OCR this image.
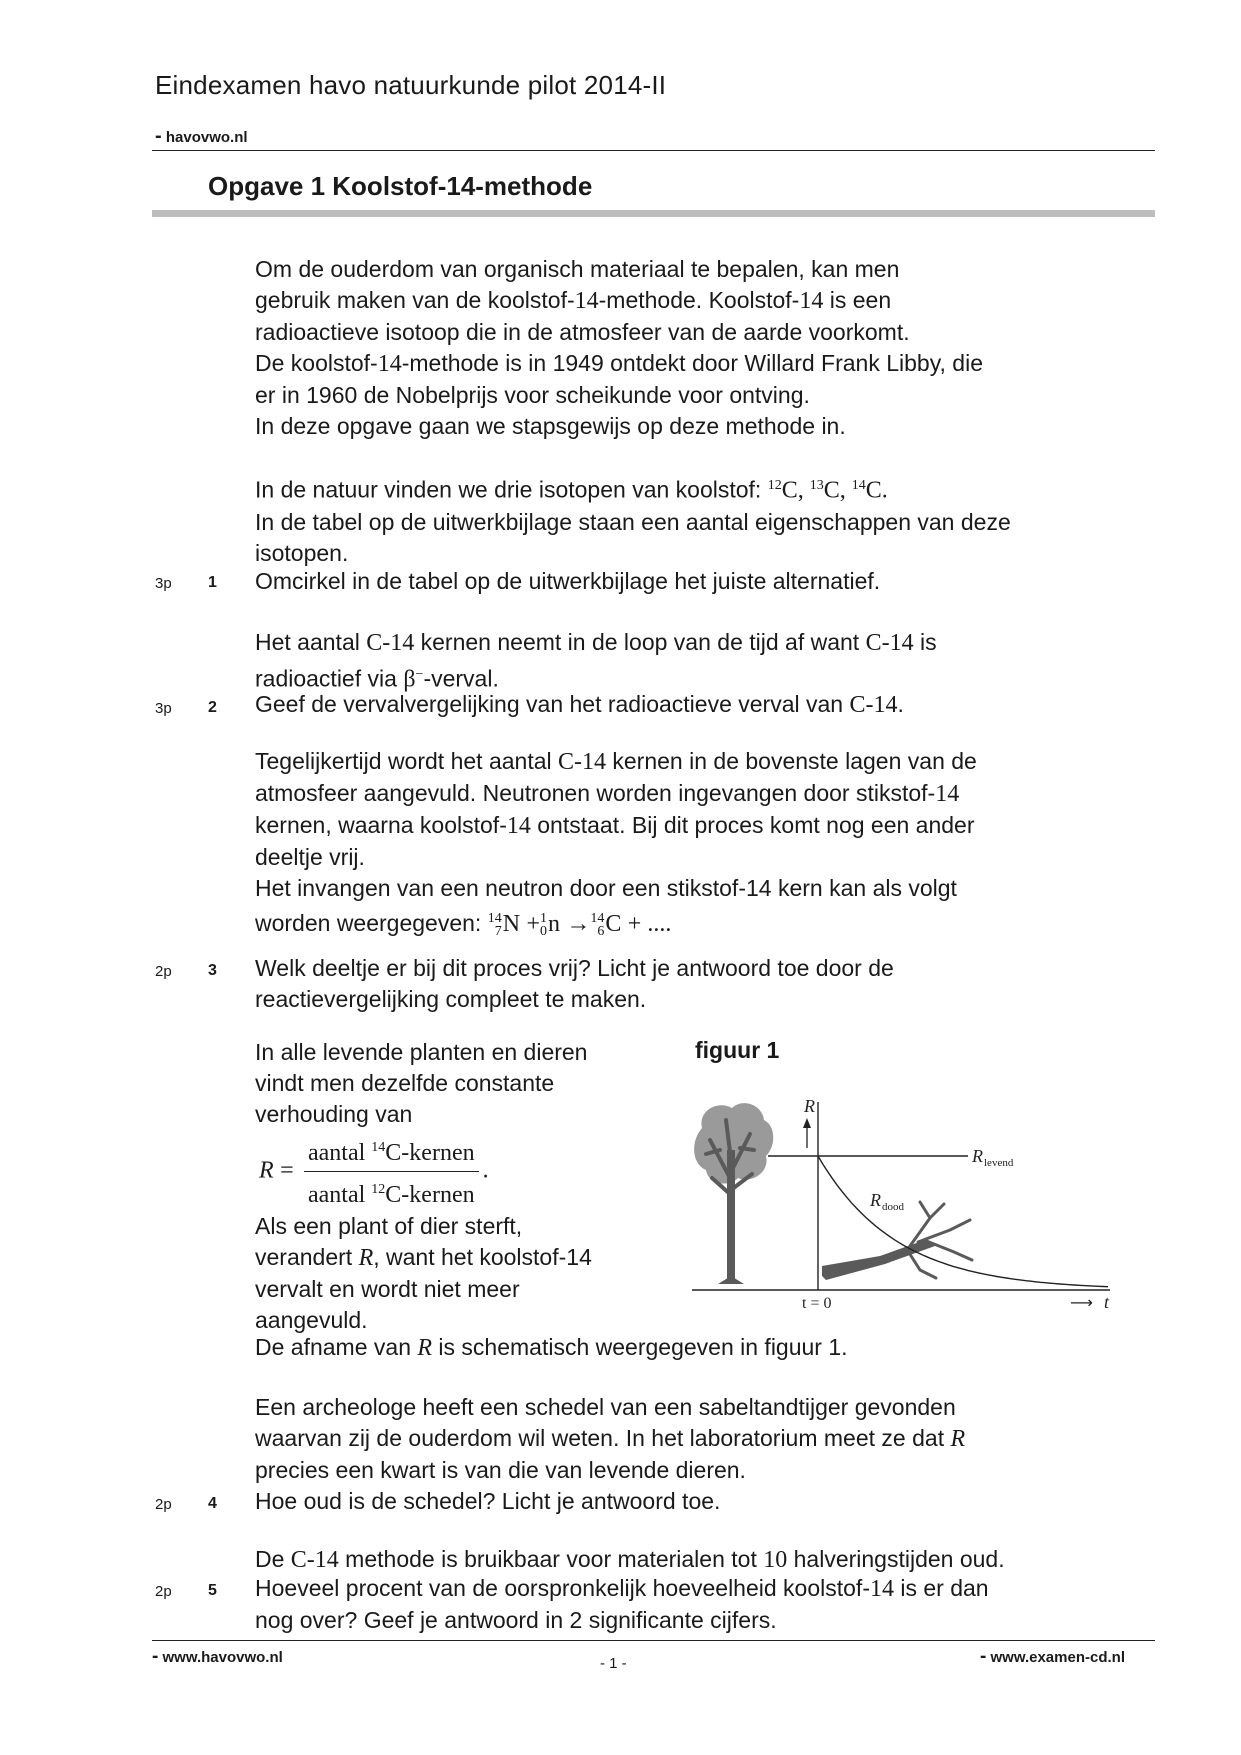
Eindexamen havo natuurkunde pilot 2014-II
- havovwo.nl
Opgave 1 Koolstof-14-methode

Om de ouderdom van organisch materiaal te bepalen, kan men

gebruik maken van de koolstof-14-methode. Koolstof-14 is een

radioactieve isotoop die in de atmosfeer van de aarde voorkomt.

De koolstof-14-methode is in 1949 ontdekt door Willard Frank Libby, die

er in 1960 de Nobelprijs voor scheikunde voor ontving.

In deze opgave gaan we stapsgewijs op deze methode in.

In de natuur vinden we drie isotopen van koolstof: $^{12}$C, $^{13}$C, $^{14}$C.

In de tabel op de uitwerkbijlage staan een aantal eigenschappen van deze

isotopen.

3p 1 Omcirkel in de tabel op de uitwerkbijlage het juiste alternatief.

Het aantal C-14 kernen neemt in de loop van de tijd af want C-14 is

radioactief via β−-verval.

3p 2 Geef de vervalvergelijking van het radioactieve verval van C-14.

Tegelijkertijd wordt het aantal C-14 kernen in de bovenste lagen van de

atmosfeer aangevuld. Neutronen worden ingevangen door stikstof-14

kernen, waarna koolstof-14 ontstaat. Bij dit proces komt nog een ander

deeltje vrij.

Het invangen van een neutron door een stikstof-14 kern kan als volgt

worden weergegeven: 14
7N +1
0n →14
6C + ....

2p 3 Welk deeltje er bij dit proces vrij? Licht je antwoord toe door de

reactievergelijking compleet te maken.

In alle levende planten en dieren

vindt men dezelfde constante

verhouding van

$R = \frac{aantal ^{14}C-kernen}{aantal ^{12}C-kernen}$ .

Als een plant of dier sterft,

verandert R, want het koolstof-14

vervalt en wordt niet meer

aangevuld.

De afname van R is schematisch weergegeven in figuur 1.
figuur 1
R
R levend
R dood
t = 0	⟶ t

Een archeologe heeft een schedel van een sabeltandtijger gevonden

waarvan zij de ouderdom wil weten. In het laboratorium meet ze dat R

precies een kwart is van die van levende dieren.

2p 4 Hoe oud is de schedel? Licht je antwoord toe.
De C-14 methode is bruikbaar voor materialen tot 10 halveringstijden oud.
2p 5 Hoeveel procent van de oorspronkelijk hoeveelheid koolstof-14 is er dan

nog over? Geef je antwoord in 2 significante cijfers.

- www.havovwo.nl	- 1 -	- www.examen-cd.nl
